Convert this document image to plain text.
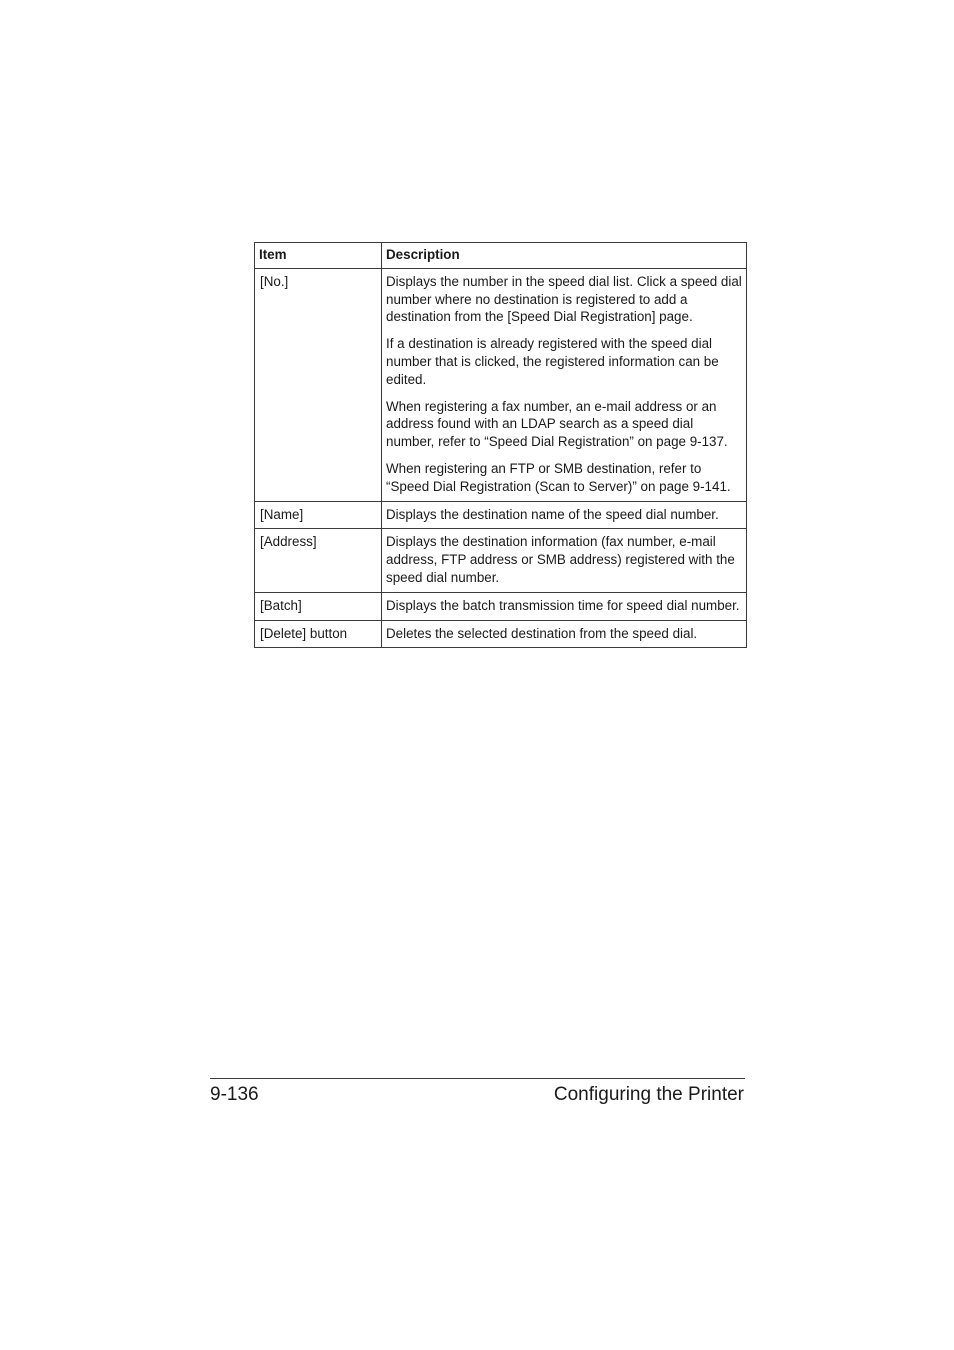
Item	Description
[No.]	Displays the number in the speed dial list. Click a speed dial number where no destination is registered to add a destination from the [Speed Dial Registration] page.

If a destination is already registered with the speed dial number that is clicked, the registered information can be edited.

When registering a fax number, an e-mail address or an address found with an LDAP search as a speed dial number, refer to “Speed Dial Registration” on page 9-137.

When registering an FTP or SMB destination, refer to “Speed Dial Registration (Scan to Server)” on page 9-141.

[Name]	Displays the destination name of the speed dial number.

[Address]	Displays the destination information (fax number, e-mail address, FTP address or SMB address) registered with the speed dial number.

[Batch]	Displays the batch transmission time for speed dial number.

[Delete] button	Deletes the selected destination from the speed dial.

9-136	Configuring the Printer
